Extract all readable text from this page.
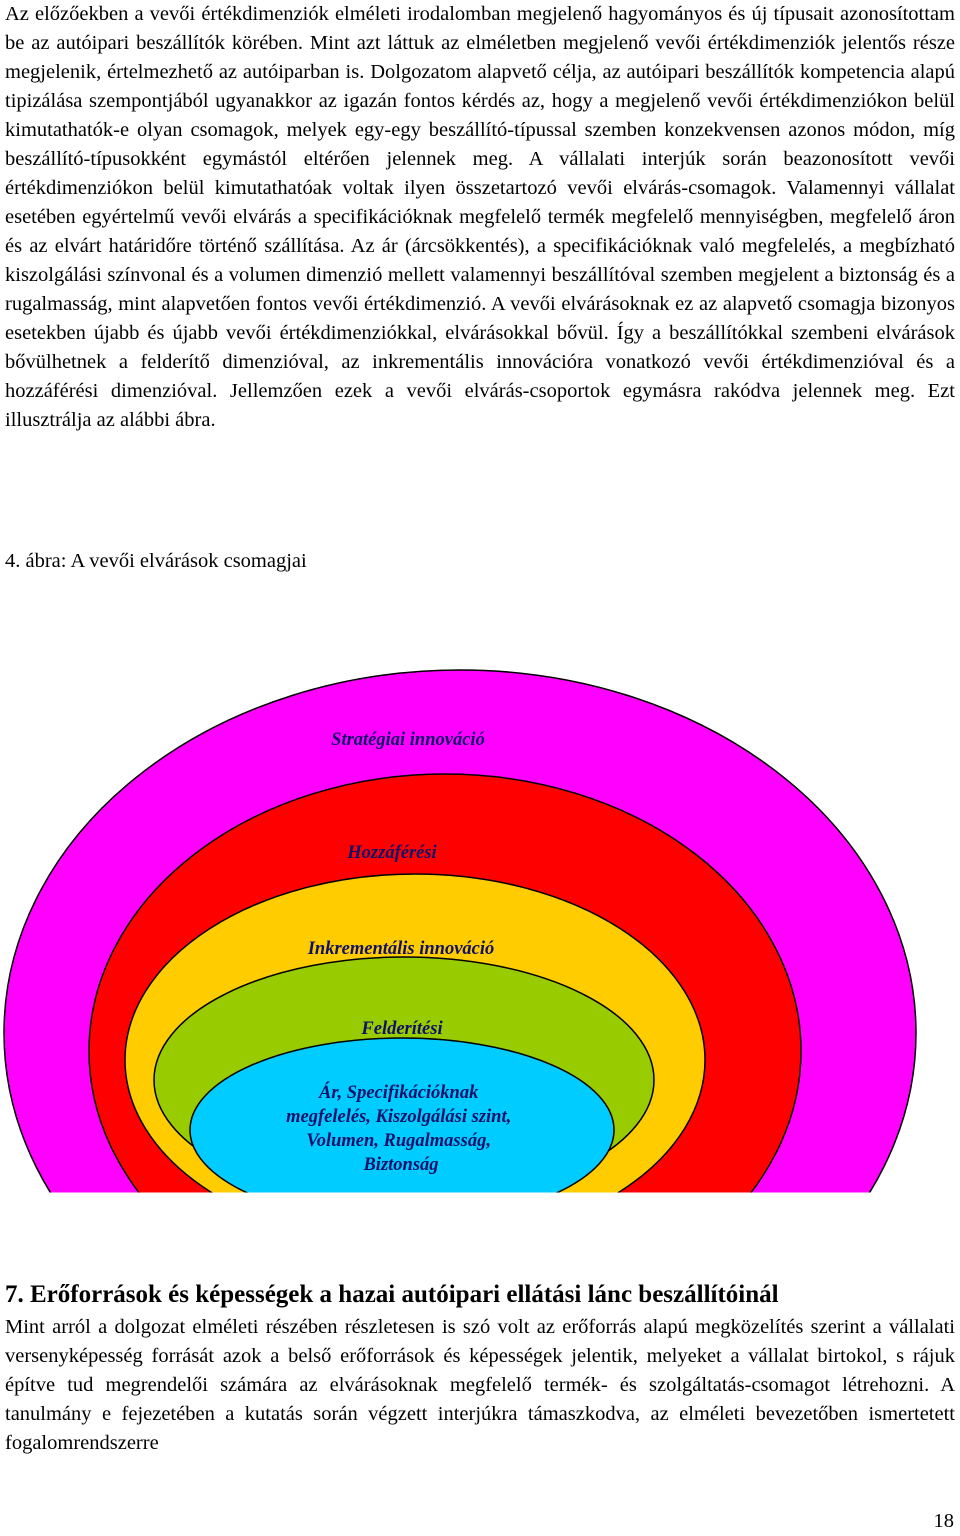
Az előzőekben a vevői értékdimenziók elméleti irodalomban megjelenő hagyományos és új típusait azonosítottam be az autóipari beszállítók körében. Mint azt láttuk az elméletben megjelenő vevői értékdimenziók jelentős része megjelenik, értelmezhető az autóiparban is. Dolgozatom alapvető célja, az autóipari beszállítók kompetencia alapú tipizálása szempontjából ugyanakkor az igazán fontos kérdés az, hogy a megjelenő vevői értékdimenziókon belül kimutathatók-e olyan csomagok, melyek egy-egy beszállító-típussal szemben konzekvensen azonos módon, míg beszállító-típusokként egymástól eltérően jelennek meg. A vállalati interjúk során beazonosított vevői értékdimenziókon belül kimutathatóak voltak ilyen összetartozó vevői elvárás-csomagok. Valamennyi vállalat esetében egyértelmű vevői elvárás a specifikációknak megfelelő termék megfelelő mennyiségben, megfelelő áron és az elvárt határidőre történő szállítása. Az ár (árcsökkentés), a specifikációknak való megfelelés, a megbízható kiszolgálási színvonal és a volumen dimenzió mellett valamennyi beszállítóval szemben megjelent a biztonság és a rugalmasság, mint alapvetően fontos vevői értékdimenzió. A vevői elvárásoknak ez az alapvető csomagja bizonyos esetekben újabb és újabb vevői értékdimenziókkal, elvárásokkal bővül. Így a beszállítókkal szembeni elvárások bővülhetnek a felderítő dimenzióval, az inkrementális innovációra vonatkozó vevői értékdimenzióval és a hozzáférési dimenzióval. Jellemzően ezek a vevői elvárás-csoportok egymásra rakódva jelennek meg. Ezt illusztrálja az alábbi ábra.

4. ábra: A vevői elvárások csomagjai

Stratégiai innováció
Hozzáférési
Inkrementális innováció
Felderítési
Ár, Specifikációknak megfelelés, Kiszolgálási szint, Volumen, Rugalmasság, Biztonság
7. Erőforrások és képességek a hazai autóipari ellátási lánc beszállítóinál

Mint arról a dolgozat elméleti részében részletesen is szó volt az erőforrás alapú megközelítés szerint a vállalati versenyképesség forrását azok a belső erőforrások és képességek jelentik, melyeket a vállalat birtokol, s rájuk építve tud megrendelői számára az elvárásoknak megfelelő termék- és szolgáltatás-csomagot létrehozni. A tanulmány e fejezetében a kutatás során végzett interjúkra támaszkodva, az elméleti bevezetőben ismertetett fogalomrendszerre

18
